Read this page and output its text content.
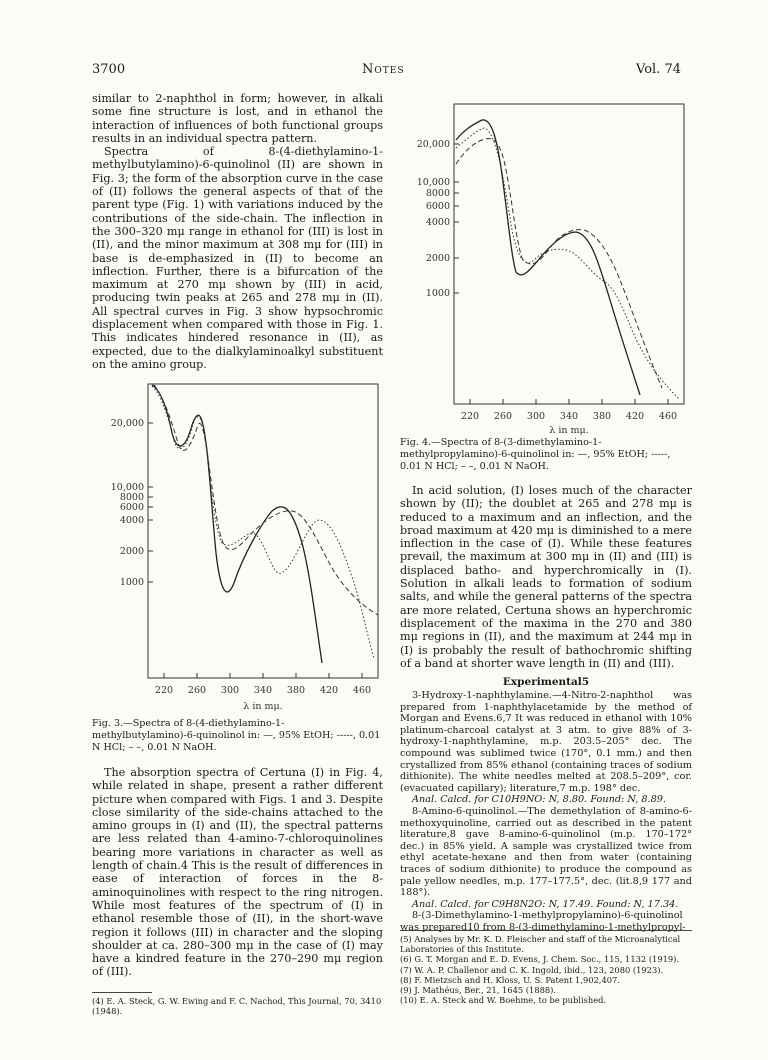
3700	Notes	Vol. 74

similar to 2-naphthol in form; however, in alkali some fine structure is lost, and in ethanol the interaction of influences of both functional groups results in an individual spectra pattern.

Spectra of 8-(4-diethylamino-1-methylbutylamino)-6-quinolinol (II) are shown in Fig. 3; the form of the absorption curve in the case of (II) follows the general aspects of that of the parent type (Fig. 1) with variations induced by the contributions of the side-chain. The inflection in the 300–320 mμ range in ethanol for (III) is lost in (II), and the minor maximum at 308 mμ for (III) in base is de-emphasized in (II) to become an inflection. Further, there is a bifurcation of the maximum at 270 mμ shown by (III) in acid, producing twin peaks at 265 and 278 mμ in (II). All spectral curves in Fig. 3 show hypsochromic displacement when compared with those in Fig. 1. This indicates hindered resonance in (II), as expected, due to the dialkylaminoalkyl substituent on the amino group.

20,000
10,000
8000
6000
4000
2000
1000
220 260 300 340 380 420 460
λ in mμ.
Fig. 3.—Spectra of 8-(4-diethylamino-1-methylbutylamino)-6-quinolinol in: —, 95% EtOH; -----, 0.01 N HCl; – –, 0.01 N NaOH.

The absorption spectra of Certuna (I) in Fig. 4, while related in shape, present a rather different picture when compared with Figs. 1 and 3. Despite close similarity of the side-chains attached to the amino groups in (I) and (II), the spectral patterns are less related than 4-amino-7-chloroquinolines bearing more variations in character as well as length of chain.4 This is the result of differences in ease of interaction of forces in the 8-aminoquinolines with respect to the ring nitrogen. While most features of the spectrum of (I) in ethanol resemble those of (II), in the short-wave region it follows (III) in character and the sloping shoulder at ca. 280–300 mμ in the case of (I) may have a kindred feature in the 270–290 mμ region of (III).

(4) E. A. Steck, G. W. Ewing and F. C. Nachod, This Journal, 70, 3410 (1948).
20,000
10,000
8000
6000
4000
2000
1000
220 260 300 340 380 420 460
λ in mμ.
Fig. 4.—Spectra of 8-(3-dimethylamino-1-methylpropylamino)-6-quinolinol in: —, 95% EtOH; -----, 0.01 N HCl; – –, 0.01 N NaOH.

In acid solution, (I) loses much of the character shown by (II); the doublet at 265 and 278 mμ is reduced to a maximum and an inflection, and the broad maximum at 420 mμ is diminished to a mere inflection in the case of (I). While these features prevail, the maximum at 300 mμ in (II) and (III) is displaced batho- and hyperchromically in (I). Solution in alkali leads to formation of sodium salts, and while the general patterns of the spectra are more related, Certuna shows an hyperchromic displacement of the maxima in the 270 and 380 mμ regions in (II), and the maximum at 244 mμ in (I) is probably the result of bathochromic shifting of a band at shorter wave length in (II) and (III).

Experimental5

3-Hydroxy-1-naphthylamine.—4-Nitro-2-naphthol was prepared from 1-naphthylacetamide by the method of Morgan and Evens.6,7 It was reduced in ethanol with 10% platinum-charcoal catalyst at 3 atm. to give 88% of 3-hydroxy-1-naphthylamine, m.p. 203.5–205° dec. The compound was sublimed twice (170°, 0.1 mm.) and then crystallized from 85% ethanol (containing traces of sodium dithionite). The white needles melted at 208.5–209°, cor. (evacuated capillary); literature,7 m.p. 198° dec.

Anal. Calcd. for C10H9NO: N, 8.80. Found: N, 8.89.

8-Amino-6-quinolinol.—The demethylation of 8-amino-6-methoxyquinoline, carried out as described in the patent literature,8 gave 8-amino-6-quinolinol (m.p. 170–172° dec.) in 85% yield. A sample was crystallized twice from ethyl acetate-hexane and then from water (containing traces of sodium dithionite) to produce the compound as pale yellow needles, m.p. 177–177.5°, dec. (lit.8,9 177 and 188°).

Anal. Calcd. for C9H8N2O: N, 17.49. Found: N, 17.34.

8-(3-Dimethylamino-1-methylpropylamino)-6-quinolinol was prepared10 from 8-(3-dimethylamino-1-methylpropyl-

(5) Analyses by Mr. K. D. Fleischer and staff of the Microanalytical Laboratories of this Institute.

(6) G. T. Morgan and E. D. Evens, J. Chem. Soc., 115, 1132 (1919).

(7) W. A. P. Challenor and C. K. Ingold, ibid., 123, 2080 (1923).

(8) F. Mietzsch and H. Kloss, U. S. Patent 1,902,407.

(9) J. Mathéus, Ber., 21, 1645 (1888).

(10) E. A. Steck and W. Boehme, to be published.
